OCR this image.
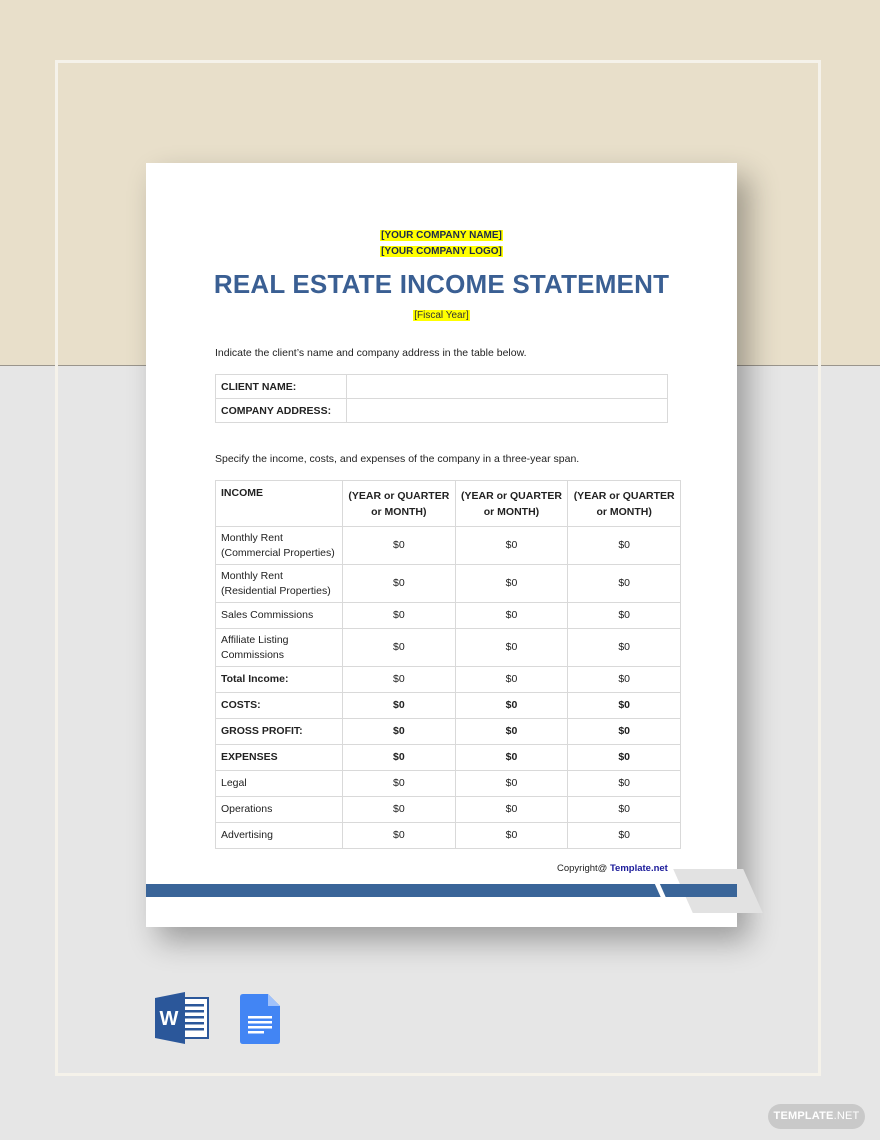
[YOUR COMPANY NAME]
[YOUR COMPANY LOGO]
REAL ESTATE INCOME STATEMENT
[Fiscal Year]
Indicate the client’s name and company address in the table below.
CLIENT NAME:	
COMPANY ADDRESS:	
Specify the income, costs, and expenses of the company in a three-year span.
INCOME	(YEAR or QUARTER or MONTH)	(YEAR or QUARTER or MONTH)	(YEAR or QUARTER or MONTH)
Monthly Rent (Commercial Properties)	$0	$0	$0
Monthly Rent (Residential Properties)	$0	$0	$0
Sales Commissions	$0	$0	$0
Affiliate Listing Commissions	$0	$0	$0
Total Income:	$0	$0	$0
COSTS:	$0	$0	$0
GROSS PROFIT:	$0	$0	$0
EXPENSES	$0	$0	$0
Legal	$0	$0	$0
Operations	$0	$0	$0
Advertising	$0	$0	$0
Copyright@ Template.net
W
TEMPLATE.NET
